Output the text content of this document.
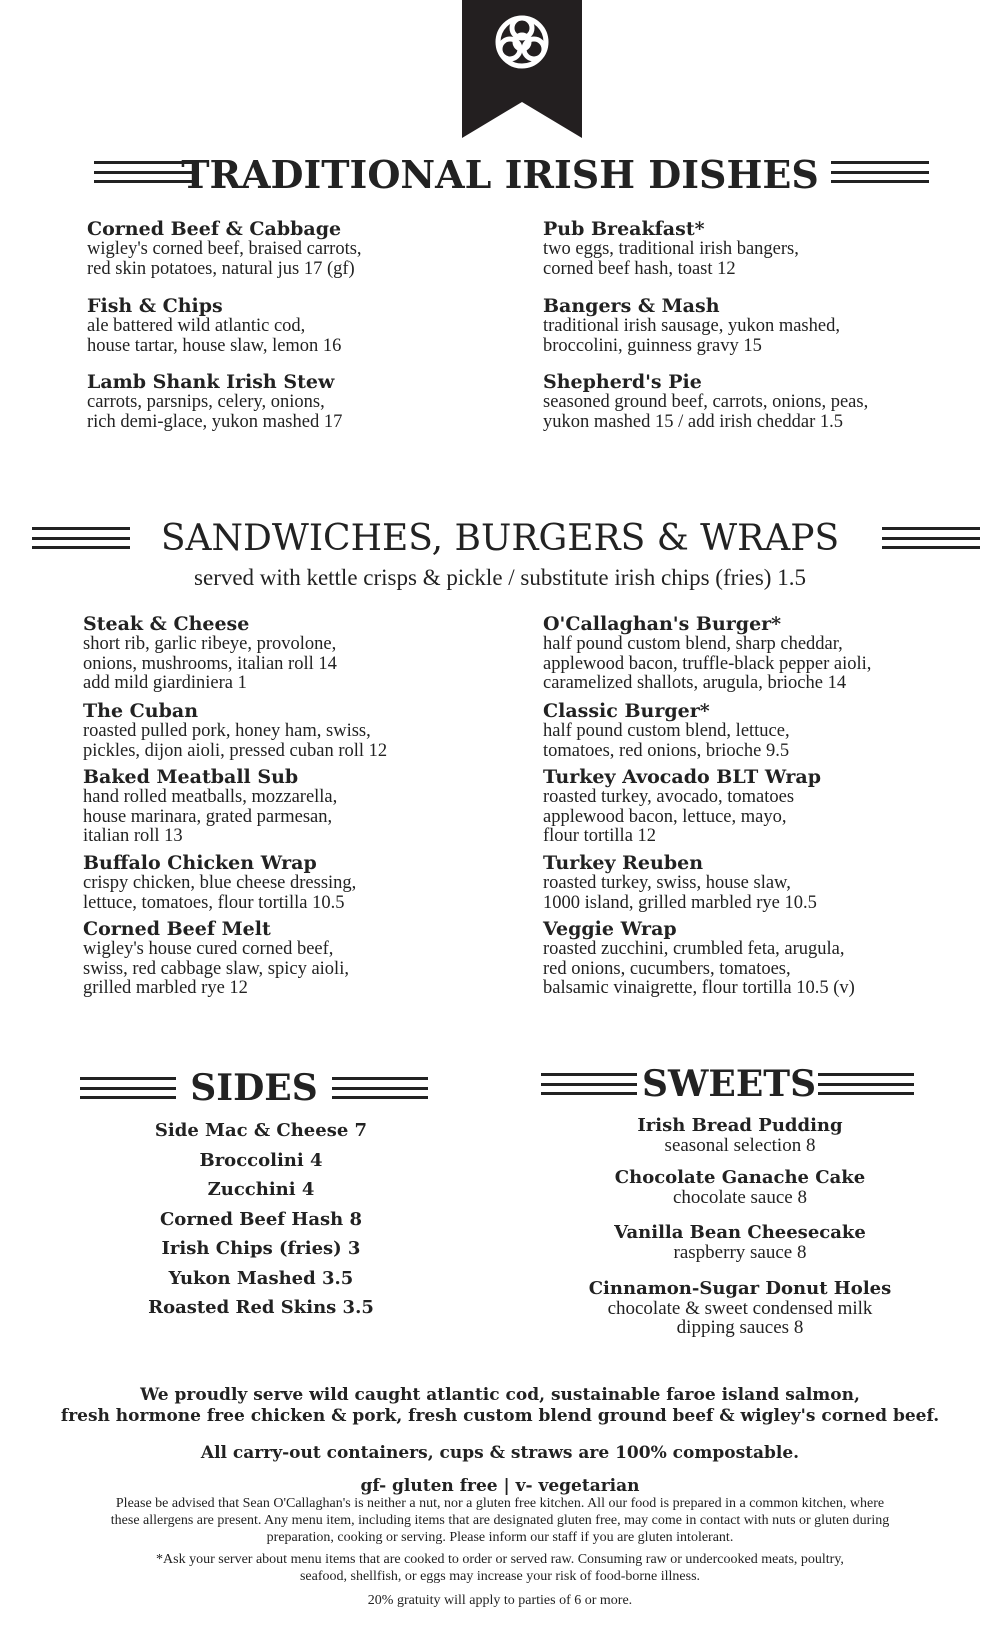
TRADITIONAL IRISH DISHES
Corned Beef & Cabbage
wigley's corned beef, braised carrots,
red skin potatoes, natural jus 17 (gf)
Fish & Chips
ale battered wild atlantic cod,
house tartar, house slaw, lemon 16
Lamb Shank Irish Stew
carrots, parsnips, celery, onions,
rich demi-glace, yukon mashed 17
Pub Breakfast*
two eggs, traditional irish bangers,
corned beef hash, toast 12
Bangers & Mash
traditional irish sausage, yukon mashed,
broccolini, guinness gravy 15
Shepherd's Pie
seasoned ground beef, carrots, onions, peas,
yukon mashed 15 / add irish cheddar 1.5
SANDWICHES, BURGERS & WRAPS
served with kettle crisps & pickle / substitute irish chips (fries) 1.5
Steak & Cheese
short rib, garlic ribeye, provolone,
onions, mushrooms, italian roll 14
add mild giardiniera 1
The Cuban
roasted pulled pork, honey ham, swiss,
pickles, dijon aioli, pressed cuban roll 12
Baked Meatball Sub
hand rolled meatballs, mozzarella,
house marinara, grated parmesan,
italian roll 13
Buffalo Chicken Wrap
crispy chicken, blue cheese dressing,
lettuce, tomatoes, flour tortilla 10.5
Corned Beef Melt
wigley's house cured corned beef,
swiss, red cabbage slaw, spicy aioli,
grilled marbled rye 12
O'Callaghan's Burger*
half pound custom blend, sharp cheddar,
applewood bacon, truffle-black pepper aioli,
caramelized shallots, arugula, brioche 14
Classic Burger*
half pound custom blend, lettuce,
tomatoes, red onions, brioche 9.5
Turkey Avocado BLT Wrap
roasted turkey, avocado, tomatoes
applewood bacon, lettuce, mayo,
flour tortilla 12
Turkey Reuben
roasted turkey, swiss, house slaw,
1000 island, grilled marbled rye 10.5
Veggie Wrap
roasted zucchini, crumbled feta, arugula,
red onions, cucumbers, tomatoes,
balsamic vinaigrette, flour tortilla 10.5 (v)
SIDES
Side Mac & Cheese 7
Broccolini 4
Zucchini 4
Corned Beef Hash 8
Irish Chips (fries) 3
Yukon Mashed 3.5
Roasted Red Skins 3.5
SWEETS
Irish Bread Pudding
seasonal selection 8
Chocolate Ganache Cake
chocolate sauce 8
Vanilla Bean Cheesecake
raspberry sauce 8
Cinnamon-Sugar Donut Holes
chocolate & sweet condensed milk
dipping sauces 8
We proudly serve wild caught atlantic cod, sustainable faroe island salmon,
fresh hormone free chicken & pork, fresh custom blend ground beef & wigley's corned beef.
All carry-out containers, cups & straws are 100% compostable.
gf- gluten free | v- vegetarian
Please be advised that Sean O'Callaghan's is neither a nut, nor a gluten free kitchen. All our food is prepared in a common kitchen, where
these allergens are present. Any menu item, including items that are designated gluten free, may come in contact with nuts or gluten during
preparation, cooking or serving. Please inform our staff if you are gluten intolerant.
*Ask your server about menu items that are cooked to order or served raw. Consuming raw or undercooked meats, poultry,
seafood, shellfish, or eggs may increase your risk of food-borne illness.
20% gratuity will apply to parties of 6 or more.
